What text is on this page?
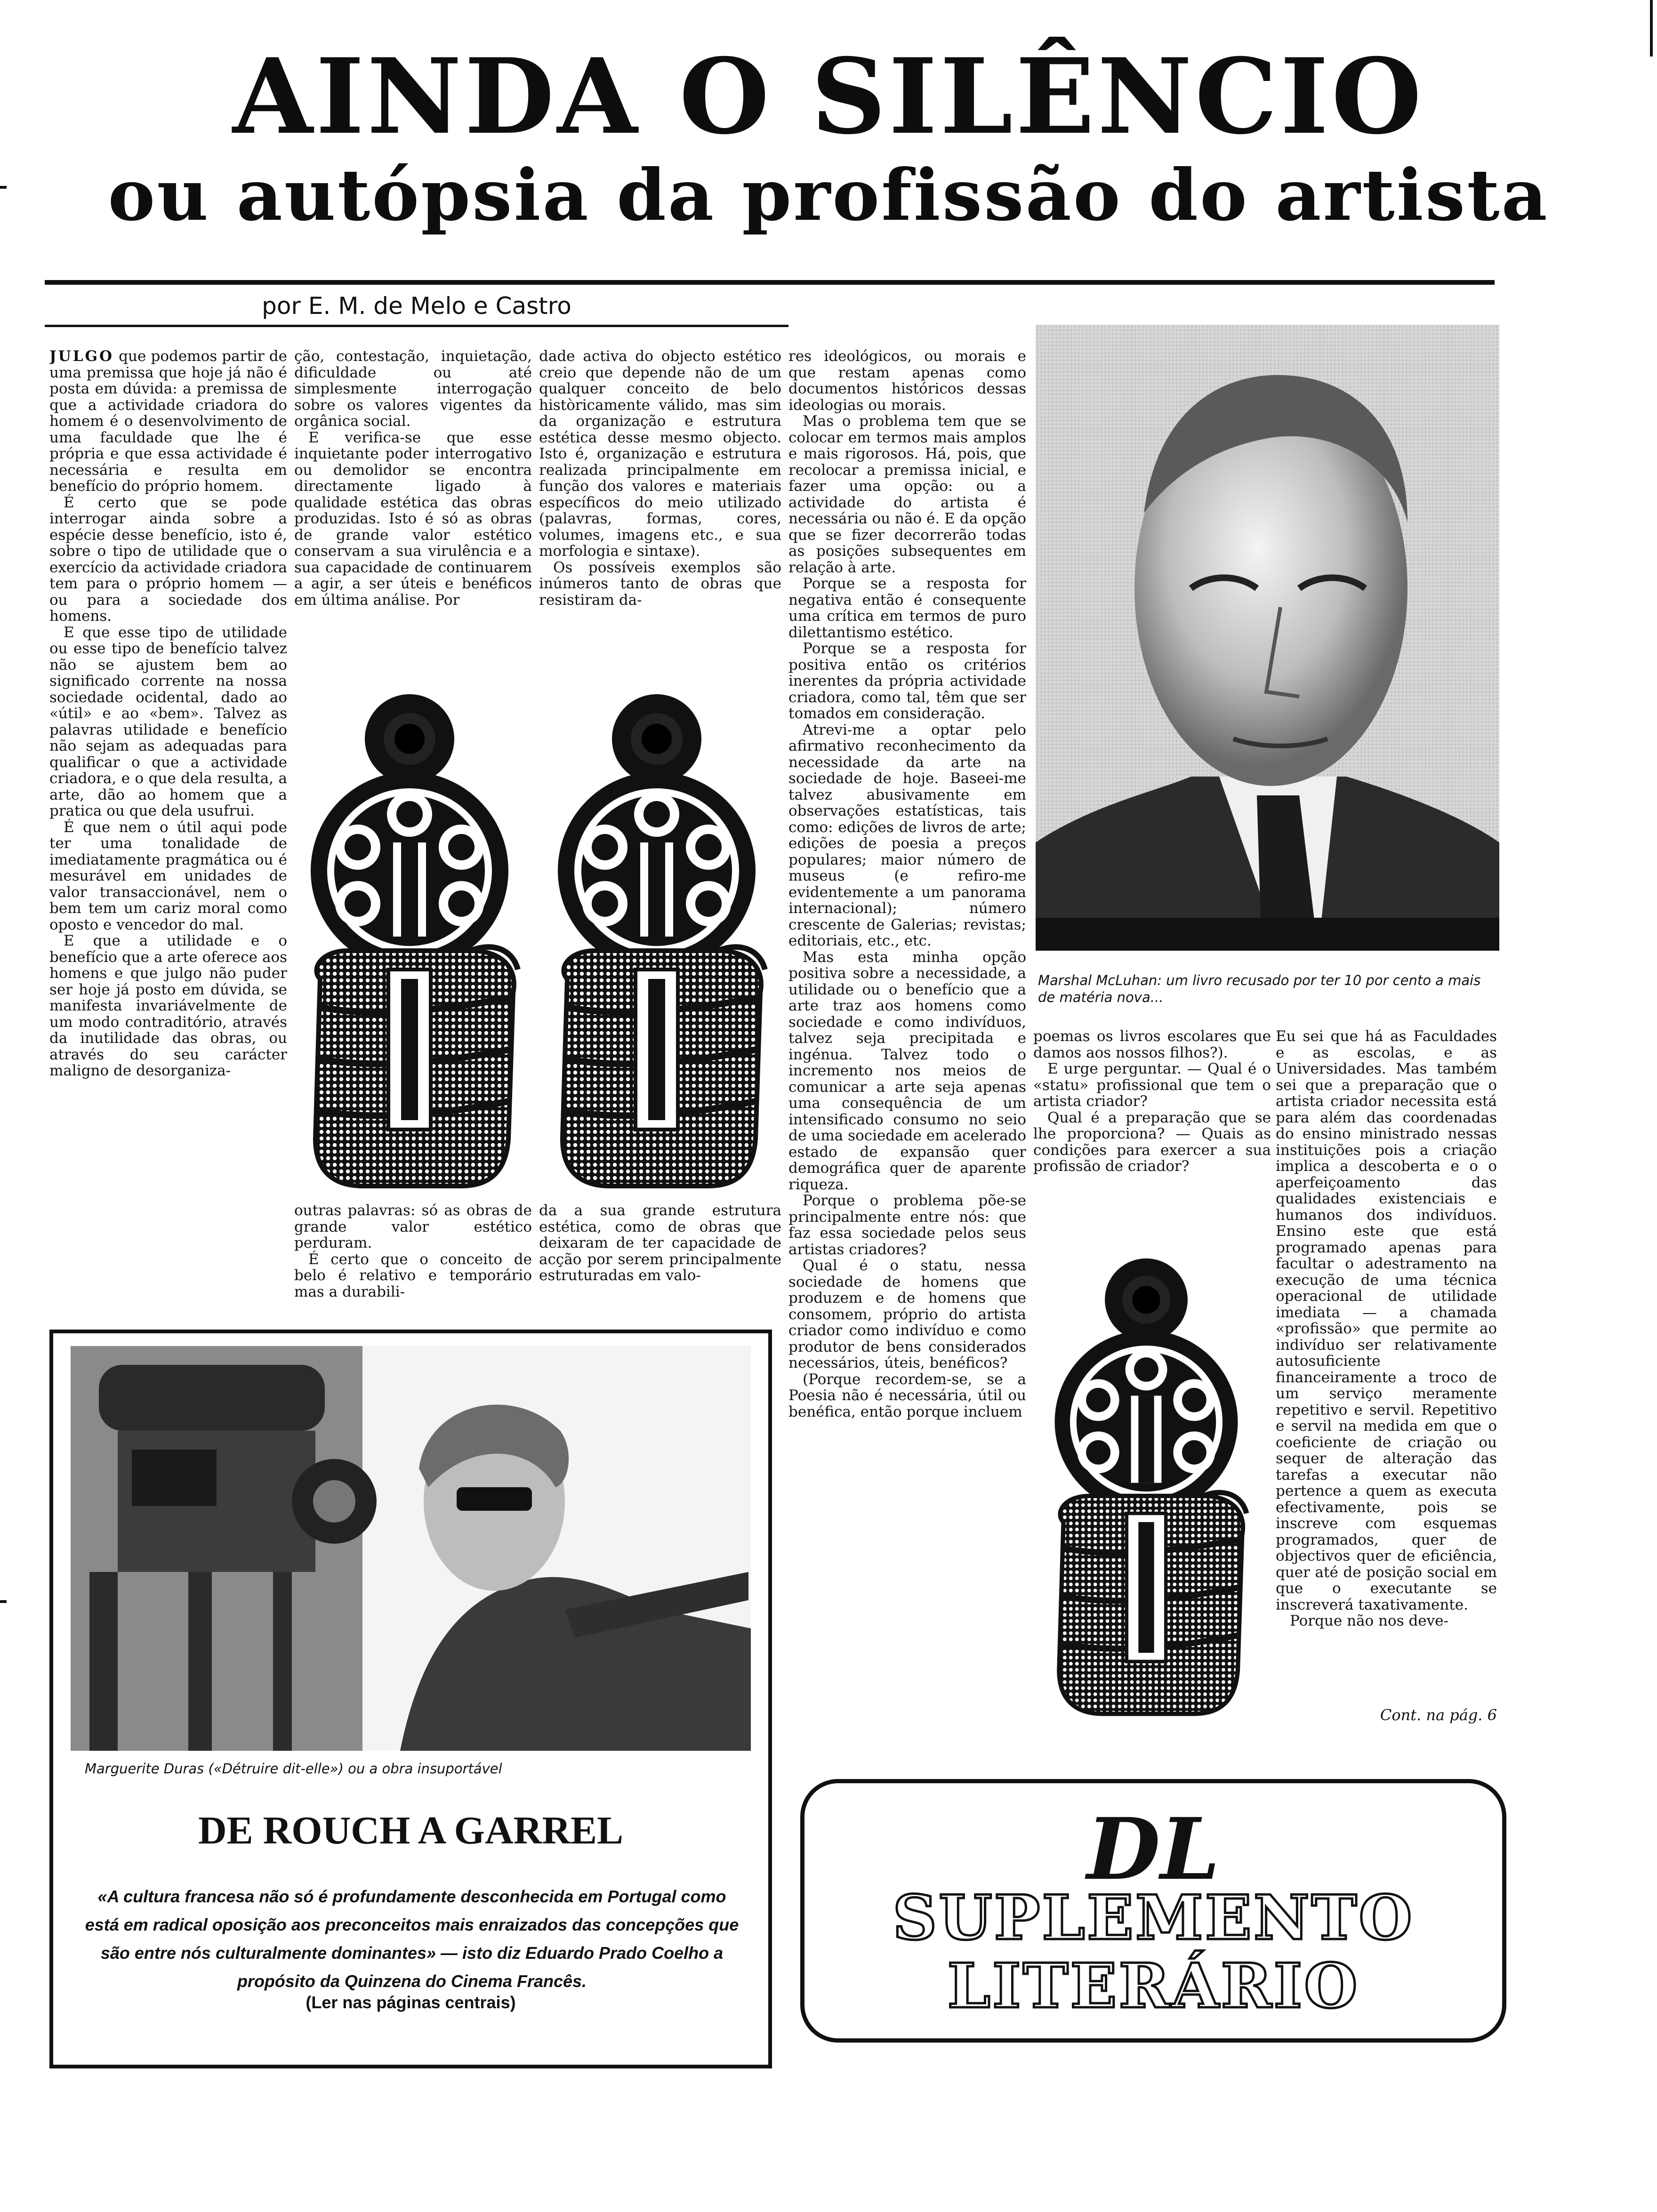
AINDA O SILÊNCIO
ou autópsia da profissão do artista
por E. M. de Melo e Castro

JULGO que podemos partir de uma premissa que hoje já não é posta em dúvida: a premissa de que a actividade criadora do homem é o desenvolvimento de uma faculdade que lhe é própria e que essa actividade é necessária e resulta em benefício do próprio homem.

É certo que se pode interrogar ainda sobre a espécie desse benefício, isto é, sobre o tipo de utilidade que o exercício da actividade criadora tem para o próprio homem — ou para a sociedade dos homens.

E que esse tipo de utilidade ou esse tipo de benefício talvez não se ajustem bem ao significado corrente na nossa sociedade ocidental, dado ao «útil» e ao «bem». Talvez as palavras utilidade e benefício não sejam as adequadas para qualificar o que a actividade criadora, e o que dela resulta, a arte, dão ao homem que a pratica ou que dela usufrui.

É que nem o útil aqui pode ter uma tonalidade de imediatamente pragmática ou é mesurável em unidades de valor transaccionável, nem o bem tem um cariz moral como oposto e vencedor do mal.

E que a utilidade e o benefício que a arte oferece aos homens e que julgo não puder ser hoje já posto em dúvida, se manifesta invariávelmente de um modo contraditório, através da inutilidade das obras, ou através do seu carácter maligno de desorganiza-

ção, contestação, inquietação, dificuldade ou até simplesmente interrogação sobre os valores vigentes da orgânica social.

E verifica-se que esse inquietante poder interrogativo ou demolidor se encontra directamente ligado à qualidade estética das obras produzidas. Isto é só as obras de grande valor estético conservam a sua virulência e a sua capacidade de continuarem a agir, a ser úteis e benéficos em última análise. Por

dade activa do objecto estético creio que depende não de um qualquer conceito de belo històricamente válido, mas sim da organização e estrutura estética desse mesmo objecto. Isto é, organização e estrutura realizada principalmente em função dos valores e materiais específicos do meio utilizado (palavras, formas, cores, volumes, imagens etc., e sua morfologia e sintaxe).

Os possíveis exemplos são inúmeros tanto de obras que resistiram da-

res ideológicos, ou morais e que restam apenas como documentos históricos dessas ideologias ou morais.

Mas o problema tem que se colocar em termos mais amplos e mais rigorosos. Há, pois, que recolocar a premissa inicial, e fazer uma opção: ou a actividade do artista é necessária ou não é. E da opção que se fizer decorrerão todas as posições subsequentes em relação à arte.

Porque se a resposta for negativa então é consequente uma crítica em termos de puro dilettantismo estético.

Porque se a resposta for positiva então os critérios inerentes da própria actividade criadora, como tal, têm que ser tomados em consideração.

Atrevi-me a optar pelo afirmativo reconhecimento da necessidade da arte na sociedade de hoje. Baseei-me talvez abusivamente em observações estatísticas, tais como: edições de livros de arte; edições de poesia a preços populares; maior número de museus (e refiro-me evidentemente a um panorama internacional); número crescente de Galerias; revistas; editoriais, etc., etc.

Mas esta minha opção positiva sobre a necessidade, a utilidade ou o benefício que a arte traz aos homens como sociedade e como indivíduos, talvez seja precipitada e ingénua. Talvez todo o incremento nos meios de comunicar a arte seja apenas uma consequência de um intensificado consumo no seio de uma sociedade em acelerado estado de expansão quer demográfica quer de aparente riqueza.

Porque o problema põe-se principalmente entre nós: que faz essa sociedade pelos seus artistas criadores?

Qual é o statu, nessa sociedade de homens que produzem e de homens que consomem, próprio do artista criador como indivíduo e como produtor de bens considerados necessários, úteis, benéficos?

(Porque recordem-se, se a Poesia não é necessária, útil ou benéfica, então porque incluem

outras palavras: só as obras de grande valor estético perduram.

É certo que o conceito de belo é relativo e temporário mas a durabili-

da a sua grande estrutura estética, como de obras que deixaram de ter capacidade de acção por serem principalmente estruturadas em valo-

Marshal McLuhan: um livro recusado por ter 10 por cento a mais de matéria nova...

poemas os livros escolares que damos aos nossos filhos?).

E urge perguntar. — Qual é o «statu» profissional que tem o artista criador?

Qual é a preparação que se lhe proporciona? — Quais as condições para exercer a sua profissão de criador?

Eu sei que há as Faculdades e as escolas, e as Universidades. Mas também sei que a preparação que o artista criador necessita está para além das coordenadas do ensino ministrado nessas instituições pois a criação implica a descoberta e o o aperfeiçoamento das qualidades existenciais e humanos dos indivíduos. Ensino este que está programado apenas para facultar o adestramento na execução de uma técnica operacional de utilidade imediata — a chamada «profissão» que permite ao indivíduo ser relativamente autosuficiente financeiramente a troco de um serviço meramente repetitivo e servil. Repetitivo e servil na medida em que o coeficiente de criação ou sequer de alteração das tarefas a executar não pertence a quem as executa efectivamente, pois se inscreve com esquemas programados, quer de objectivos quer de eficiência, quer até de posição social em que o executante se inscreverá taxativamente.

Porque não nos deve-

Cont. na pág. 6
Marguerite Duras («Détruire dit-elle») ou a obra insuportável
DE ROUCH A GARREL
«A cultura francesa não só é profundamente desconhecida em Portugal como está em radical oposição aos preconceitos mais enraizados das concepções que são entre nós culturalmente dominantes» — isto diz Eduardo Prado Coelho a propósito da Quinzena do Cinema Francês.
(Ler nas páginas centrais)
DL
SUPLEMENTO
LITERÁRIO
